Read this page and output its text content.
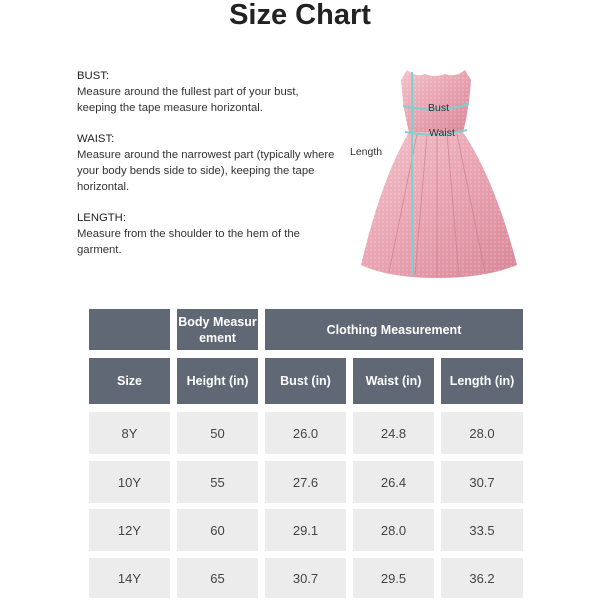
Size Chart
BUST:
Measure around the fullest part of your bust, keeping the tape measure horizontal.
WAIST:
Measure around the narrowest part (typically where your body bends side to side), keeping the tape horizontal.
LENGTH:
Measure from the shoulder to the hem of the garment.
Bust
Waist
Length
Body Measur ement
Clothing Measurement
Size	Height (in)	Bust (in)	Waist (in)	Length (in)
8Y	50	26.0	24.8	28.0
10Y	55	27.6	26.4	30.7
12Y	60	29.1	28.0	33.5
14Y	65	30.7	29.5	36.2
